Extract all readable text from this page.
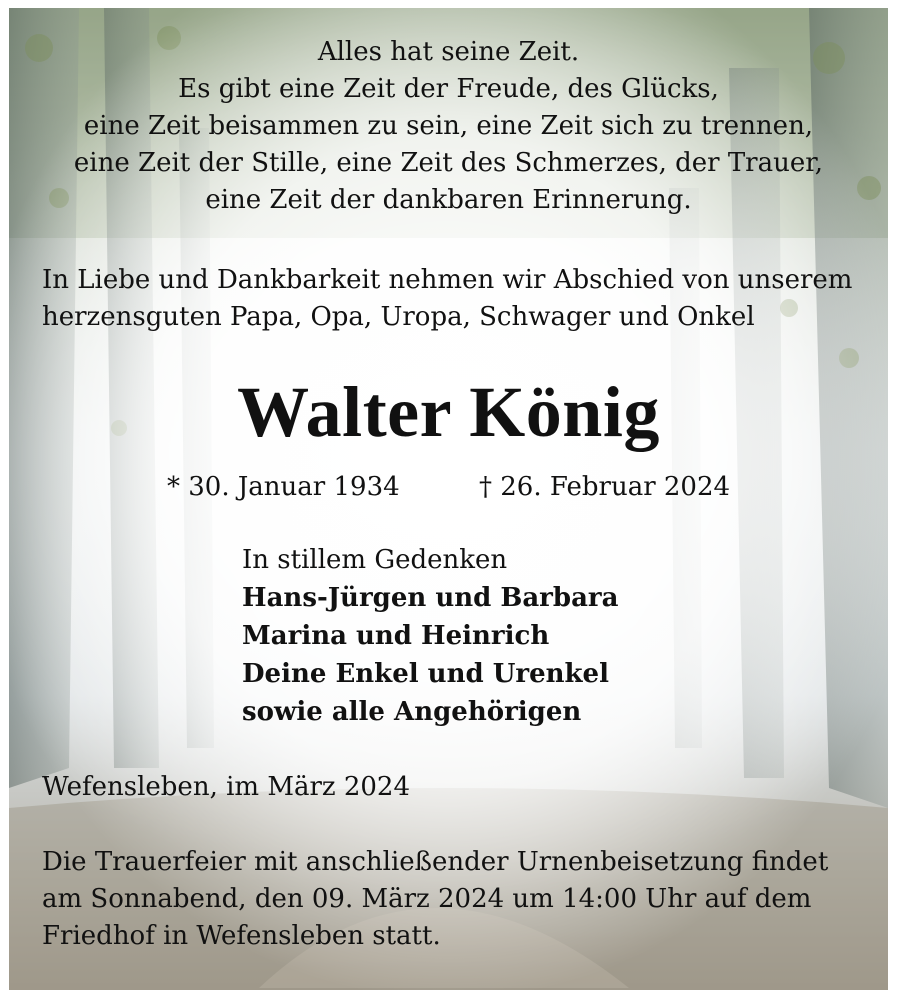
Alles hat seine Zeit.
Es gibt eine Zeit der Freude, des Glücks,
eine Zeit beisammen zu sein, eine Zeit sich zu trennen,
eine Zeit der Stille, eine Zeit des Schmerzes, der Trauer,
eine Zeit der dankbaren Erinnerung.
In Liebe und Dankbarkeit nehmen wir Abschied von unserem
herzensguten Papa, Opa, Uropa, Schwager und Onkel
Walter König
* 30. Januar 1934	† 26. Februar 2024
In stillem Gedenken
Hans-Jürgen und Barbara
Marina und Heinrich
Deine Enkel und Urenkel
sowie alle Angehörigen
Wefensleben, im März 2024
Die Trauerfeier mit anschließender Urnenbeisetzung findet
am Sonnabend, den 09. März 2024 um 14:00 Uhr auf dem
Friedhof in Wefensleben statt.
